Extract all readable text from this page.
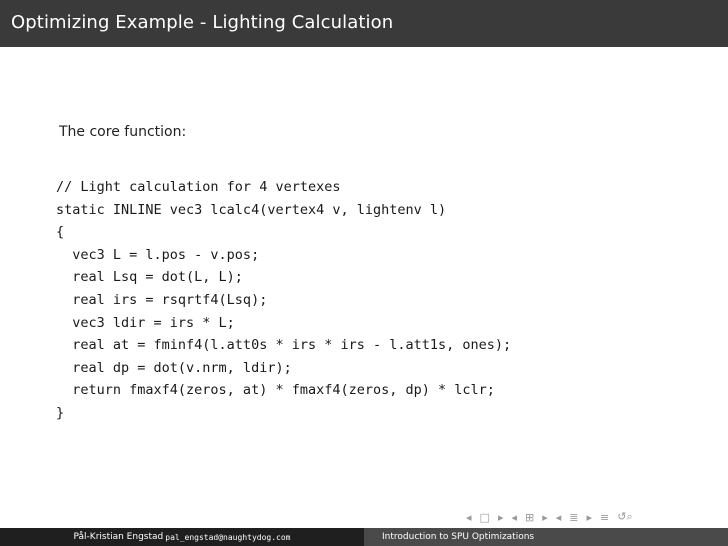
Optimizing Example - Lighting Calculation
The core function:
// Light calculation for 4 vertexes
static INLINE vec3 lcalc4(vertex4 v, lightenv l)
{
vec3 L = l.pos - v.pos;
real Lsq = dot(L, L);
real irs = rsqrtf4(Lsq);
vec3 ldir = irs * L;
real at = fminf4(l.att0s * irs * irs - l.att1s, ones);
real dp = dot(v.nrm, ldir);
return fmaxf4(zeros, at) * fmaxf4(zeros, dp) * lclr;
}
◂ □ ▸ ◂ ⊞ ▸ ◂ ≣ ▸ ≡ ↺⌕
Pål-Kristian Engstad pal_engstad@naughtydog.com	Introduction to SPU Optimizations
